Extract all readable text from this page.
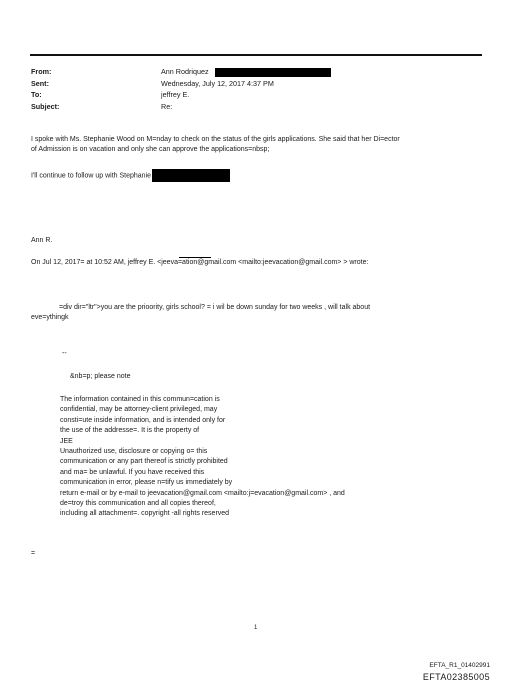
From:	Ann Rodriquez
Sent:	Wednesday, July 12, 2017 4:37 PM
To:	jeffrey E.
Subject:	Re:
I spoke with Ms. Stephanie Wood on M=nday to check on the status of the girls applications. She said that her Di=ector
of Admission is on vacation and only she can approve the applications=nbsp;
I'll continue to follow up with Stephanie
Ann R.
On Jul 12, 2017= at 10:52 AM, jeffrey E. <jeeva=ation@gmail.com <mailto:jeevacation@gmail.com> > wrote:
=div dir="ltr">you are the prioority, girls school? = i wil be down sunday for two weeks , will talk about
eve=ythingk
--
&nb=p; please note
The information contained in this commun=cation is
confidential, may be attorney-client privileged, may
consti=ute inside information, and is intended only for
the use of the addresse=. It is the property of
JEE
Unauthorized use, disclosure or copying o= this
communication or any part thereof is strictly prohibited
and ma= be unlawful. If you have received this
communication in error, please n=tify us immediately by
return e-mail or by e-mail to jeevacation@gmail.com <mailto:j=evacation@gmail.com> , and
de=troy this communication and all copies thereof,
including all attachment=. copyright -all rights reserved
=
1
EFTA_R1_01402991
EFTA02385005
